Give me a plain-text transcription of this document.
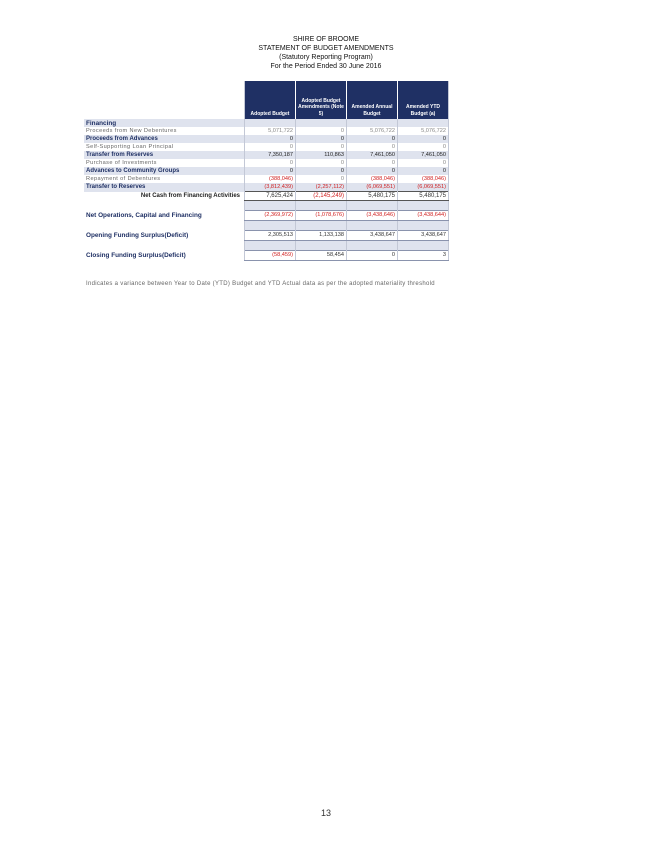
SHIRE OF BROOME
STATEMENT OF BUDGET AMENDMENTS
(Statutory Reporting Program)
For the Period Ended 30 June 2016
	Adopted Budget	Adopted Budget Amendments (Note 5)	Amended Annual Budget	Amended YTD Budget (a)
Financing				
Proceeds from New Debentures	5,071,722	0	5,076,722	5,076,722
Proceeds from Advances	0	0	0	0
Self-Supporting Loan Principal	0	0	0	0
Transfer from Reserves	7,350,187	110,863	7,461,050	7,461,050
Purchase of Investments	0	0	0	0
Advances to Community Groups	0	0	0	0
Repayment of Debentures	(388,046)	0	(388,046)	(388,046)
Transfer to Reserves	(3,812,439)	(2,257,112)	(6,069,551)	(6,069,551)
Net Cash from Financing Activities	7,625,424	(2,145,249)	5,480,175	5,480,175

Net Operations, Capital and Financing	(2,369,972)	(1,078,676)	(3,438,646)	(3,438,644)

Opening Funding Surplus(Deficit)	2,305,513	1,133,138	3,438,647	3,438,647

Closing Funding Surplus(Deficit)	(58,459)	58,454	0	3
Indicates a variance between Year to Date (YTD) Budget and YTD Actual data as per the adopted materiality threshold
13
